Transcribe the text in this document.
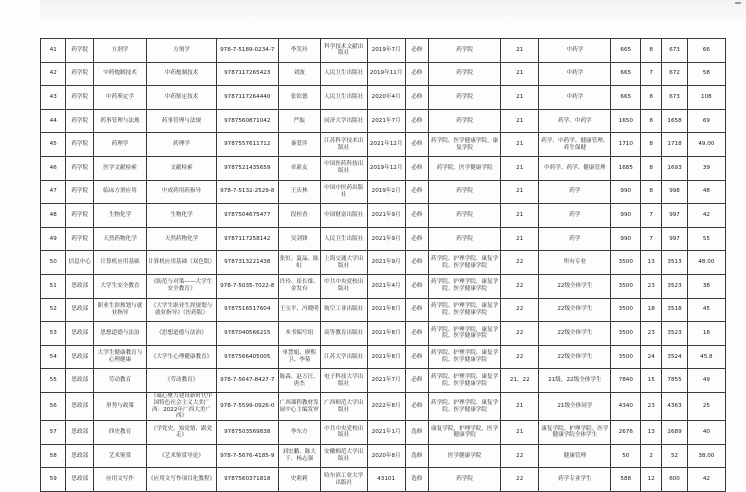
41	药学院	方剂学	方剂学	978-7-5189-0234-7	李笑玲	科学技术文献出版社	2019年7月	必修	药学院	21	中药学	665	8	673	66
42	药学院	中药炮制技术	中药炮制技术	9787117265423	刘波	人民卫生出版社	2019年11月	必修	药学院	21	中药学	665	7	672	58
43	药学院	中药鉴定学	中药鉴定技术	9787117264440	张钦德	人民卫生出版社	2020年4月	必修	药学院	21	中药学	665	8	673	108
44	药学院	药事管理与法规	药事管理与法规	9787560871042	严振	同济大学出版社	2021年7月	必修	药学院	21	药学、中药学	1650	8	1658	69
45	药学院	药理学	药理学	9787557611712	秦爱萍	江苏科学技术出版社	2021年12月	必修	药学院、医学健康学院、康复学院	21	药学、中药学、健康管理、养生保健	1710	8	1718	49.00
46	药学院	医学文献检索	文献检索	9787521435659	章新友	中国医药科技出版社	2019年12月	必修	药学院、医学健康学院	21	中药学、药学、健康管理	1685	8	1693	39
47	药学院	临床方剂应用	中成药用药指导	978-7-5132-2529-8	王庆林	中国中医药出版社	2019年2月	必修	药学院	21	药学	990	8	998	48
48	药学院	生物化学	生物化学	9787504675477	段桂香	中国财富出版社	2021年9月	必修	药学院	21	药学	990	7	997	42
49	药学院	天然药物化学	天然药物化学	9787117258142	吴剑锋	人民卫生出版社	2021年9月	必修	药学院	21	药学	990	7	997	55
50	信息中心	计算机应用基础	计算机应用基础（双色版）	9787313221438	张恒、夏晶、陈虹	上海交通大学出版社	2021年9月	必修	药学院、护理学院、康复学院、医学健康学院	22	所有专业	3500	13	3513	48.00
51	思政部	大学生安全教育	《防范与对策——大学生安全教育》	978-7-5035-7022-8	许玲、崔长维、金发有	中共中央党校出版社	2021年4月	必修	药学院、护理学院、康复学院、医学健康学院	22	22级全体学生	3500	23	3523	38
52	思政部	职业生涯规划与就业指导	《大学生职业生涯规划与就业指导》（医药版）	9787516517604	王宝平、冯晓明	航空工业出版社	2021年8月	必修	药学院、护理学院、康复学院、医学健康学院	22	22级全体学生	3500	18	3518	45
53	思政部	思想道德与法治	《思想道德与法治》	9787040566215	本书编写组	高等教育出版社	2021年8月	必修	药学院、护理学院、康复学院、医学健康学院	22	22级全体学生	3500	23	3523	18
54	思政部	大学生健康教育与心理健康	《大学生心理健康教育》	9787566405005	单慧娟、廖熙卫、李菊	江苏大学出版社	2021年8月	必修	药学院、护理学院、康复学院、医学健康学院	22	22级全体学生	3500	24	3524	45.8
55	思政部	劳动教育	《劳动教育》	978-7-5647-8427-7	陈森、赵万汪、唐杰	电子科技大学出版社	2021年7月	必修	药学院、护理学院、康复学院、医学健康学院	21、22	21级、22级全体学生	7840	15	7855	49
56	思政部	形势与政策	《砥心聚力建设新时代中国特色社会主义大美广西：2022年广西大美广西》	978-7-5599-0926-0	广西课程教材发展中心主编发审	广西师范大学出版社	2022年8月	必修	药学院、护理学院、康复学院、医学健康学院	21	21级全体同学	4340	23	4363	25
57	思政部	四史教育	《学党史，知党情，跟党走》	9787503569838	李东方	中共中央党校出版社	2021年1月	选修	康复学院、护理学院、医学健康学院	21	康复学院、护理学院、医学健康学院全体学生	2676	13	2689	40
58	思政部	艺术鉴赏	《艺术鉴赏导论》	978-7-5676-4185-9	刘宏鹏、陈大千、杨志强	安徽师范大学出版社	2020年8月	选修	医学健康学院	22	健康管理	50	2	52	38.00
59	思政部	应用文写作	《应用文写作项目化教程》	9787560371818	史莉莉	哈尔滨工业大学出版社	43101	选修	药学院	22	药学专业学生	588	12	600	42
